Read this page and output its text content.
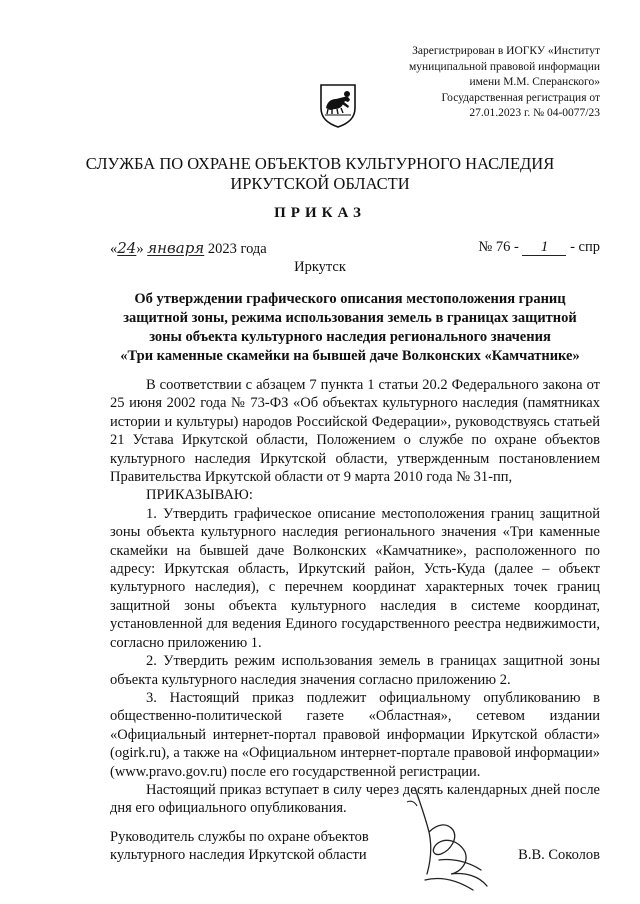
Зарегистрирован в ИОГКУ «Институт
муниципальной правовой информации
имени М.М. Сперанского»
Государственная регистрация от
27.01.2023 г. № 04-0077/23
СЛУЖБА ПО ОХРАНЕ ОБЪЕКТОВ КУЛЬТУРНОГО НАСЛЕДИЯ
ИРКУТСКОЙ ОБЛАСТИ
ПРИКАЗ
«24» января 2023 года	№ 76 - 1 - спр
Иркутск
Об утверждении графического описания местоположения границ
защитной зоны, режима использования земель в границах защитной
зоны объекта культурного наследия регионального значения
«Три каменные скамейки на бывшей даче Волконских «Камчатнике»

В соответствии с абзацем 7 пункта 1 статьи 20.2 Федерального закона от 25 июня 2002 года № 73-ФЗ «Об объектах культурного наследия (памятниках истории и культуры) народов Российской Федерации», руководствуясь статьей 21 Устава Иркутской области, Положением о службе по охране объектов культурного наследия Иркутской области, утвержденным постановлением Правительства Иркутской области от 9 марта 2010 года № 31-пп,

ПРИКАЗЫВАЮ:

1. Утвердить графическое описание местоположения границ защитной зоны объекта культурного наследия регионального значения «Три каменные скамейки на бывшей даче Волконских «Камчатнике», расположенного по адресу: Иркутская область, Иркутский район, Усть-Куда (далее – объект культурного наследия), с перечнем координат характерных точек границ защитной зоны объекта культурного наследия в системе координат, установленной для ведения Единого государственного реестра недвижимости, согласно приложению 1.

2. Утвердить режим использования земель в границах защитной зоны объекта культурного наследия значения согласно приложению 2.

3. Настоящий приказ подлежит официальному опубликованию в общественно-политической газете «Областная», сетевом издании «Официальный интернет-портал правовой информации Иркутской области» (ogirk.ru), а также на «Официальном интернет-портале правовой информации» (www.pravo.gov.ru) после его государственной регистрации.

Настоящий приказ вступает в силу через десять календарных дней после дня его официального опубликования.

Руководитель службы по охране объектов
культурного наследия Иркутской области	В.В. Соколов
